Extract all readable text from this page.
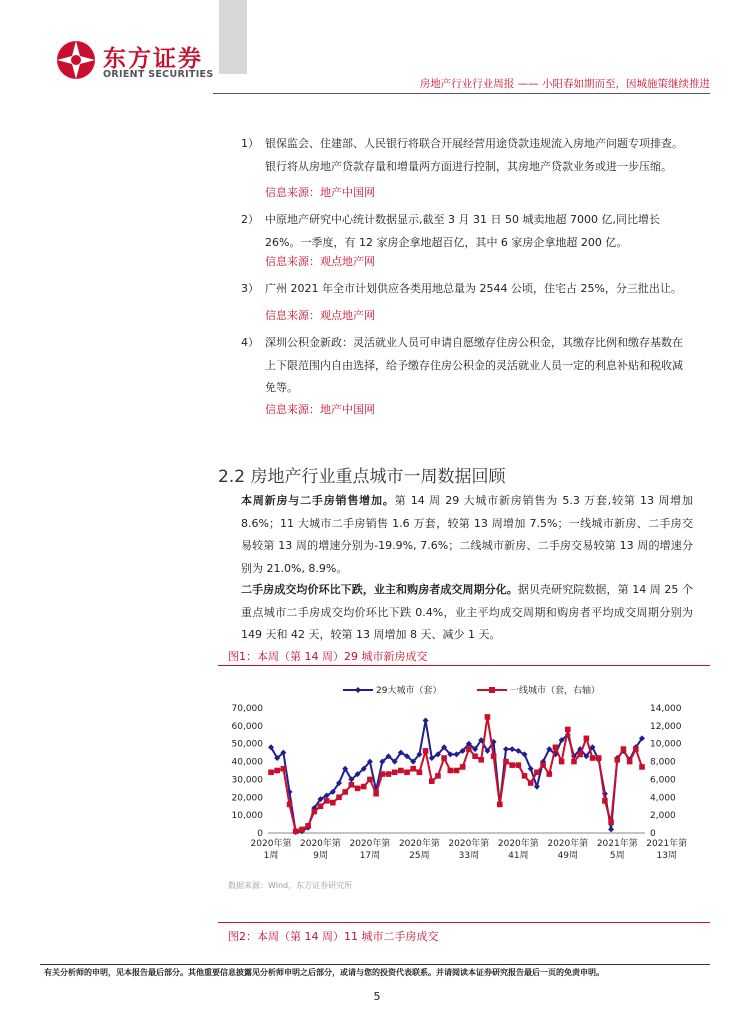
东方证券
ORIENT SECURITIES
房地产行业行业周报 —— 小阳春如期而至，因城施策继续推进
1） 银保监会、住建部、人民银行将联合开展经营用途贷款违规流入房地产问题专项排查。银行将从房地产贷款存量和增量两方面进行控制，其房地产贷款业务或进一步压缩。
信息来源：地产中国网
2） 中原地产研究中心统计数据显示,截至 3 月 31 日 50 城卖地超 7000 亿,同比增长 26%。一季度，有 12 家房企拿地超百亿，其中 6 家房企拿地超 200 亿。
信息来源：观点地产网
3） 广州 2021 年全市计划供应各类用地总量为 2544 公顷，住宅占 25%，分三批出让。
信息来源：观点地产网
4） 深圳公积金新政：灵活就业人员可申请自愿缴存住房公积金，其缴存比例和缴存基数在上下限范围内自由选择，给予缴存住房公积金的灵活就业人员一定的利息补贴和税收减免等。
信息来源：地产中国网
2.2 房地产行业重点城市一周数据回顾
本周新房与二手房销售增加。第 14 周 29 大城市新房销售为 5.3 万套,较第 13 周增加 8.6%；11 大城市二手房销售 1.6 万套，较第 13 周增加 7.5%；一线城市新房、二手房交易较第 13 周的增速分别为-19.9%, 7.6%；二线城市新房、二手房交易较第 13 周的增速分别为 21.0%, 8.9%。
二手房成交均价环比下跌，业主和购房者成交周期分化。据贝壳研究院数据，第 14 周 25 个重点城市二手房成交均价环比下跌 0.4%，业主平均成交周期和购房者平均成交周期分别为 149 天和 42 天，较第 13 周增加 8 天、减少 1 天。
图1：本周（第 14 周）29 城市新房成交
70,000
60,000
50,000
40,000
30,000
20,000
10,000
0
14,000
12,000
10,000
8,000
6,000
4,000
2,000
0
2020年第
1周
2020年第
9周
2020年第
17周
2020年第
25周
2020年第
33周
2020年第
41周
2020年第
49周
2021年第
5周
2021年第
13周
29大城市（套）	一线城市（套，右轴）
数据来源：Wind，东方证券研究所
图2：本周（第 14 周）11 城市二手房成交
有关分析师的申明，见本报告最后部分。其他重要信息披露见分析师申明之后部分，或请与您的投资代表联系。并请阅读本证券研究报告最后一页的免责申明。
5
